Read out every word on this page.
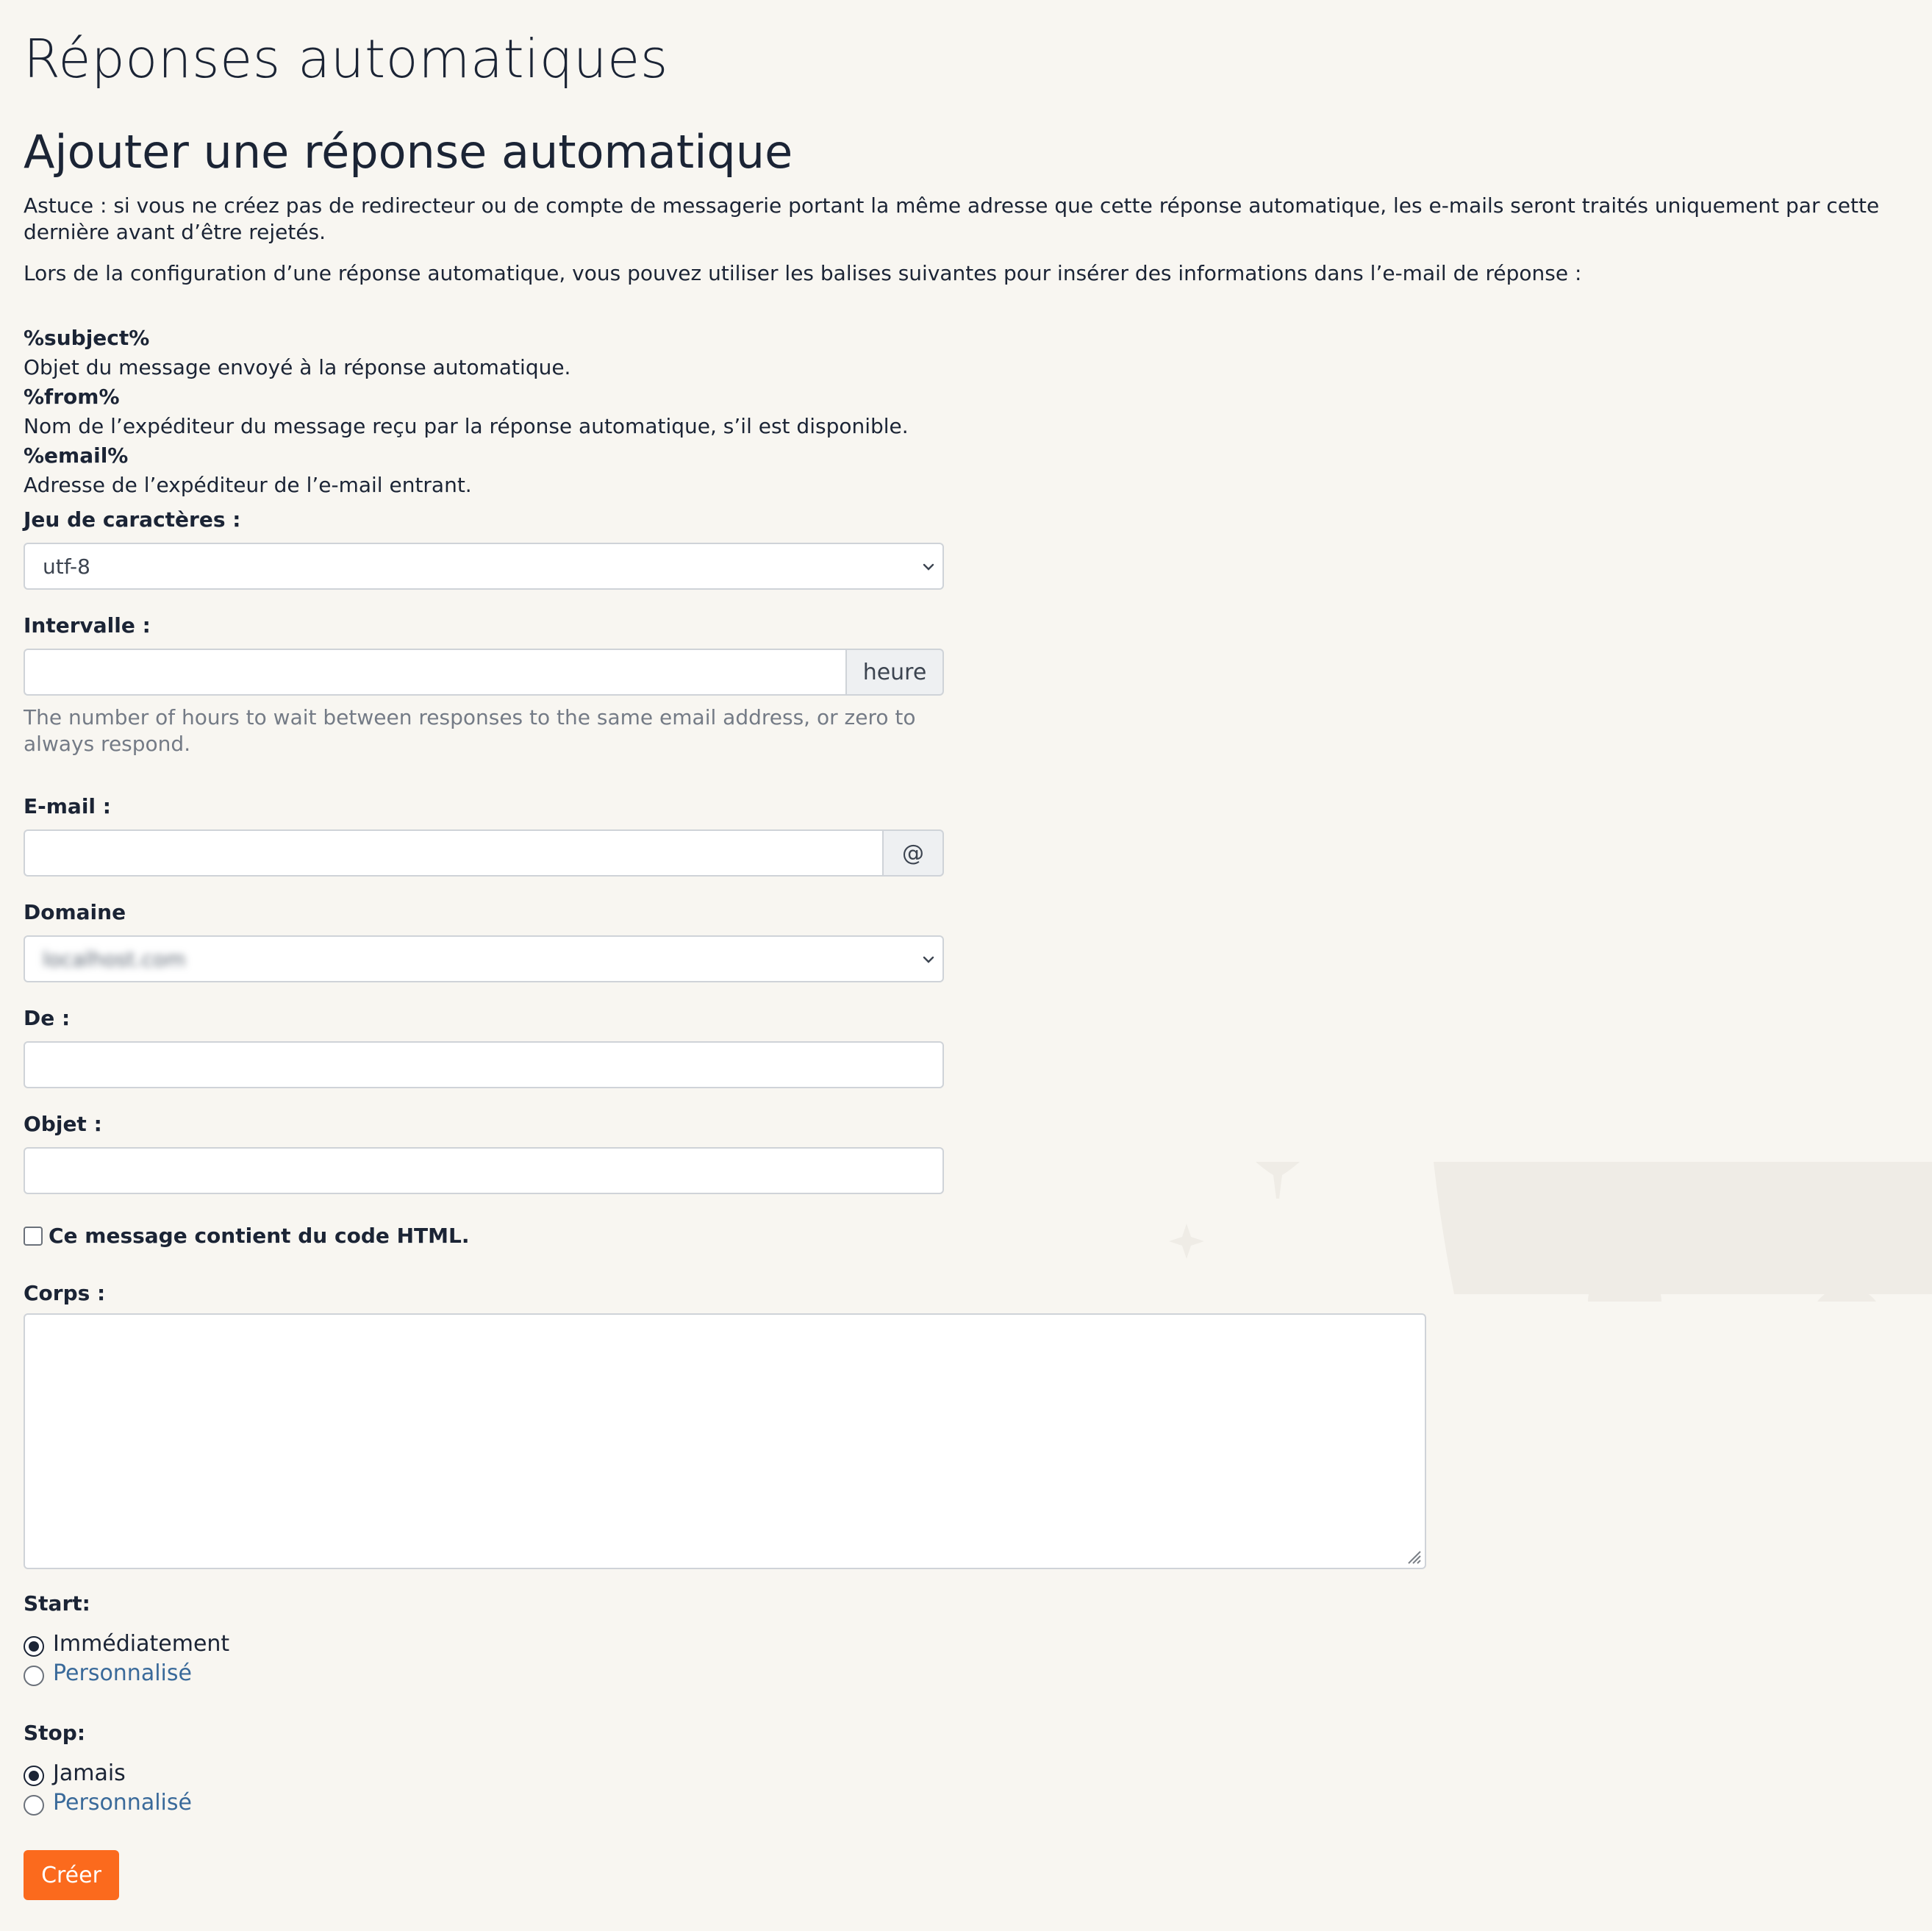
Réponses automatiques
Ajouter une réponse automatique

Astuce : si vous ne créez pas de redirecteur ou de compte de messagerie portant la même adresse que cette réponse automatique, les e-mails seront traités uniquement par cette dernière avant d’être rejetés.

Lors de la configuration d’une réponse automatique, vous pouvez utiliser les balises suivantes pour insérer des informations dans l’e-mail de réponse :

%subject%
Objet du message envoyé à la réponse automatique.
%from%
Nom de l’expéditeur du message reçu par la réponse automatique, s’il est disponible.
%email%
Adresse de l’expéditeur de l’e-mail entrant.
Jeu de caractères :
utf-8
Intervalle :
heure

The number of hours to wait between responses to the same email address, or zero to always respond.

E-mail :
@
Domaine
localhost.com
De :
Objet :
Ce message contient du code HTML.
Corps :
Start:
Immédiatement
Personnalisé
Stop:
Jamais
Personnalisé
Créer
